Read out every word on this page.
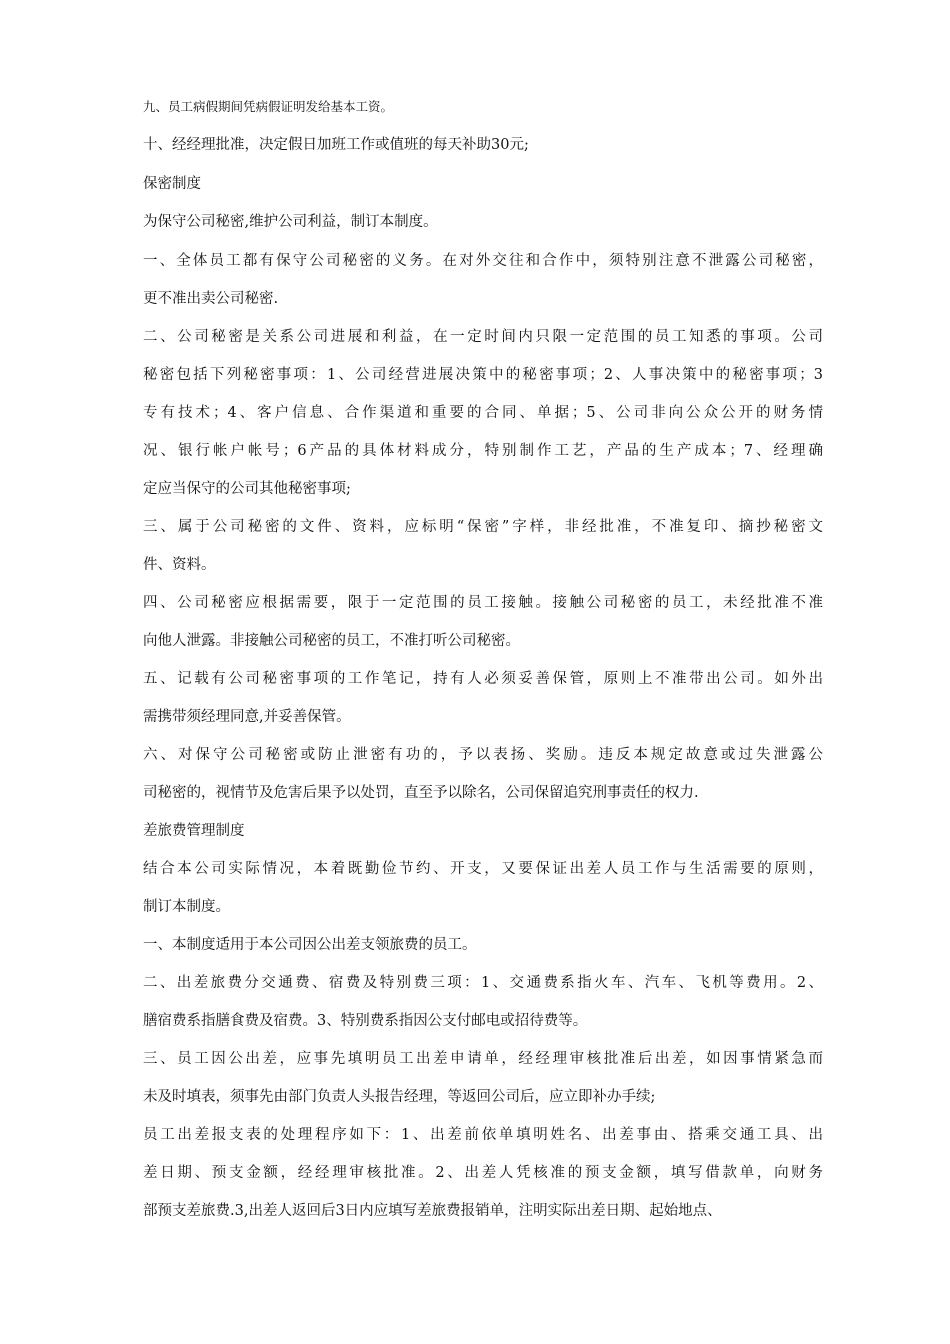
九、员工病假期间凭病假证明发给基本工资。
十、经经理批准，决定假日加班工作或值班的每天补助30元;
保密制度
为保守公司秘密,维护公司利益，制订本制度。
一、全体员工都有保守公司秘密的义务。在对外交往和合作中，须特别注意不泄露公司秘密，
更不准出卖公司秘密.
二、公司秘密是关系公司进展和利益，在一定时间内只限一定范围的员工知悉的事项。公司
秘密包括下列秘密事项：1、公司经营进展决策中的秘密事项；2、人事决策中的秘密事项；3
专有技术；4、客户信息、合作渠道和重要的合同、单据；5、公司非向公众公开的财务情
况、银行帐户帐号；6产品的具体材料成分，特别制作工艺，产品的生产成本；7、经理确
定应当保守的公司其他秘密事项;
三、属于公司秘密的文件、资料，应标明“保密”字样，非经批准，不准复印、摘抄秘密文
件、资料。
四、公司秘密应根据需要，限于一定范围的员工接触。接触公司秘密的员工，未经批准不准
向他人泄露。非接触公司秘密的员工，不准打听公司秘密。
五、记载有公司秘密事项的工作笔记，持有人必须妥善保管，原则上不准带出公司。如外出
需携带须经理同意,并妥善保管。
六、对保守公司秘密或防止泄密有功的，予以表扬、奖励。违反本规定故意或过失泄露公
司秘密的，视情节及危害后果予以处罚，直至予以除名，公司保留追究刑事责任的权力.
差旅费管理制度
结合本公司实际情况，本着既勤俭节约、开支，又要保证出差人员工作与生活需要的原则，
制订本制度。
一、本制度适用于本公司因公出差支领旅费的员工。
二、出差旅费分交通费、宿费及特别费三项：1、交通费系指火车、汽车、飞机等费用。2、
膳宿费系指膳食费及宿费。3、特别费系指因公支付邮电或招待费等。
三、员工因公出差，应事先填明员工出差申请单，经经理审核批准后出差，如因事情紧急而
未及时填表，须事先由部门负责人头报告经理，等返回公司后，应立即补办手续;
员工出差报支表的处理程序如下：1、出差前依单填明姓名、出差事由、搭乘交通工具、出
差日期、预支金额，经经理审核批准。2、出差人凭核准的预支金额，填写借款单，向财务
部预支差旅费.3,出差人返回后3日内应填写差旅费报销单，注明实际出差日期、起始地点、
